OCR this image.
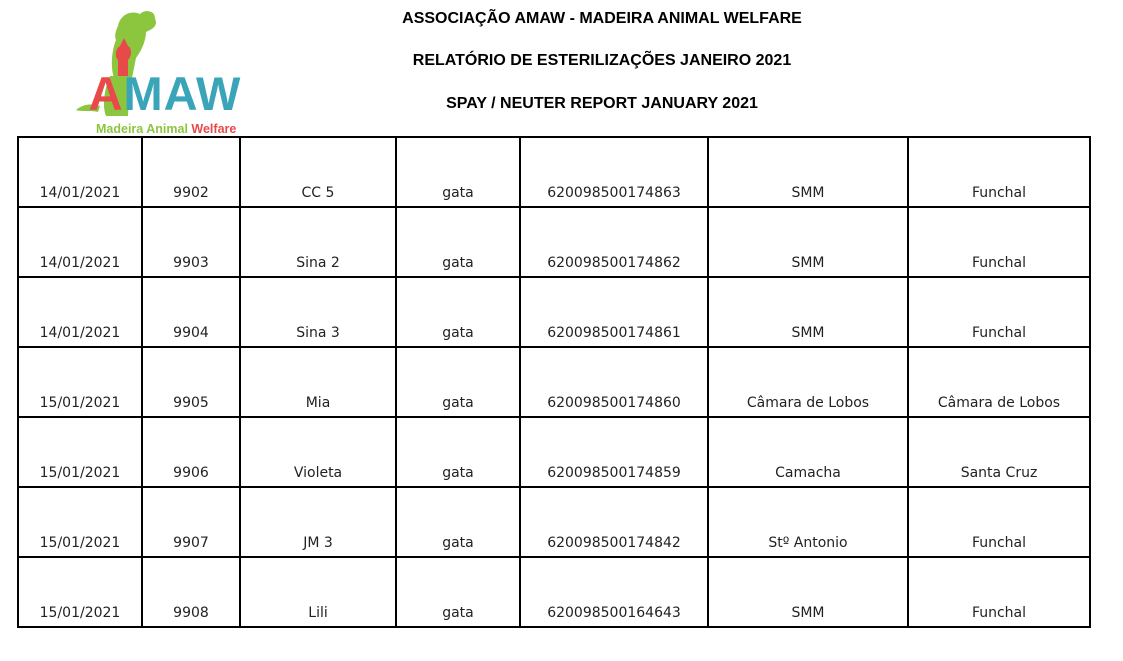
AMAW
Madeira Animal Welfare
ASSOCIAÇÃO AMAW - MADEIRA ANIMAL WELFARE
RELATÓRIO DE ESTERILIZAÇÕES JANEIRO 2021
SPAY / NEUTER REPORT JANUARY 2021
14/01/2021	9902	CC 5	gata	620098500174863	SMM	Funchal
14/01/2021	9903	Sina 2	gata	620098500174862	SMM	Funchal
14/01/2021	9904	Sina 3	gata	620098500174861	SMM	Funchal
15/01/2021	9905	Mia	gata	620098500174860	Câmara de Lobos	Câmara de Lobos
15/01/2021	9906	Violeta	gata	620098500174859	Camacha	Santa Cruz
15/01/2021	9907	JM 3	gata	620098500174842	Stº Antonio	Funchal
15/01/2021	9908	Lili	gata	620098500164643	SMM	Funchal
